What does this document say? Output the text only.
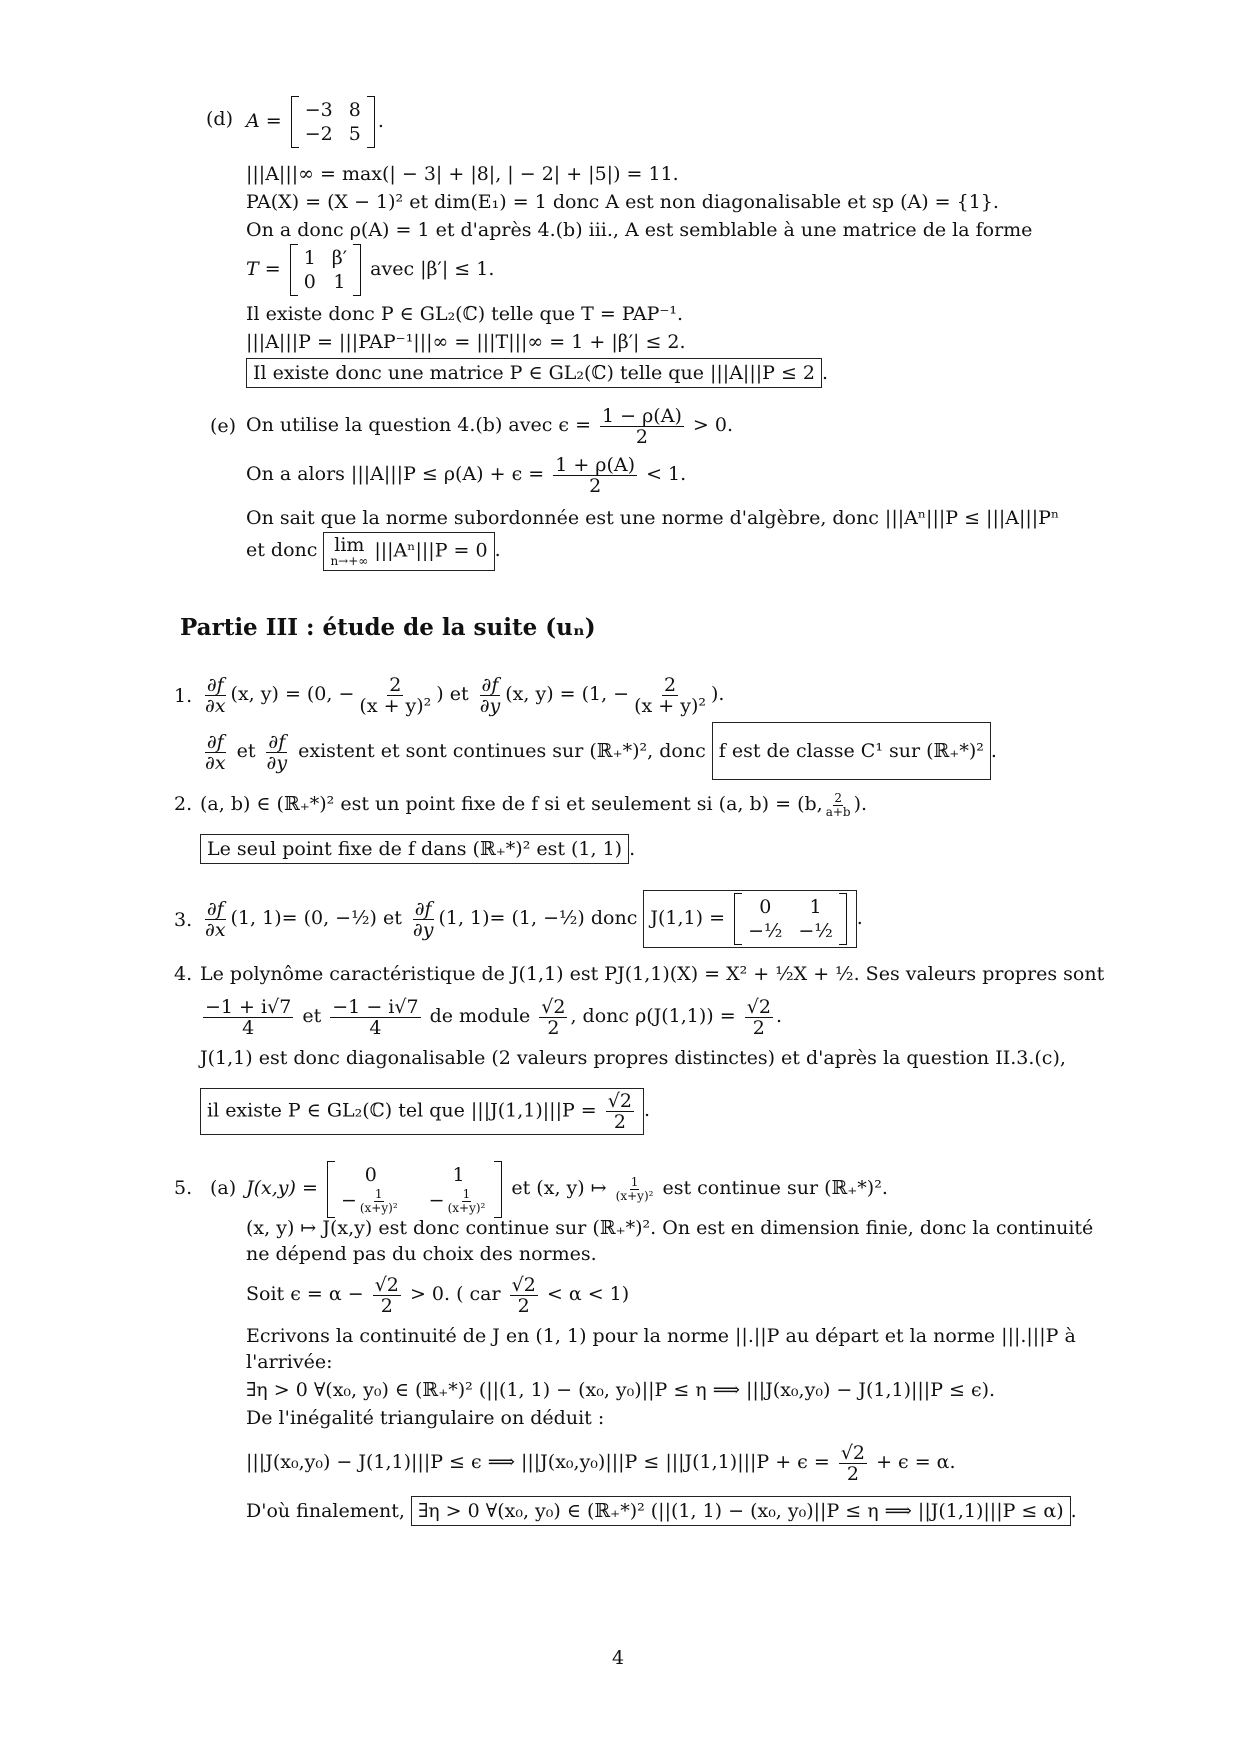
(d) A = −3 8
−2 5
.
|||A|||∞ = max(| − 3| + |8|, | − 2| + |5|) = 11.
PA(X) = (X − 1)² et dim(E₁) = 1 donc A est non diagonalisable et sp (A) = {1}.
On a donc ρ(A) = 1 et d'après 4.(b) iii., A est semblable à une matrice de la forme
T = 1 β′
0 1
avec |β′| ≤ 1.
Il existe donc P ∈ GL₂(ℂ) telle que T = PAP⁻¹.
|||A|||P = |||PAP⁻¹|||∞ = |||T|||∞ = 1 + |β′| ≤ 2.
Il existe donc une matrice P ∈ GL₂(ℂ) telle que |||A|||P ≤ 2 .
(e) On utilise la question 4.(b) avec $\epsilon = \frac{1 - \rho(A)}{2} > 0$.
On a alors $|||A|||P \le \rho(A) + \epsilon = \frac{1 + \rho(A)}{2} < 1$.
On sait que la norme subordonnée est une norme d'algèbre, donc |||Aⁿ|||P ≤ |||A|||Pⁿ
et donc lim
n→+∞ |||Aⁿ|||P = 0 .
Partie III : étude de la suite (uₙ)
1. $\frac{\partial f}{\partial x} (x$, y) = (0, − $\frac{2}{\text{(x + y)²}}$ ) et $\frac{\partial f}{\partial y} (x$, y) = (1, − $\frac{2}{\text{(x + y)²}}$ ).
$\frac{\partial f}{\partial x}$ et $\frac{\partial f}{\partial y}$ existent et sont continues sur (ℝ₊*)², donc f est de classe C¹ sur (ℝ₊*)² .
2. (a, b) ∈ (ℝ₊*)² est un point fixe de f si et seulement si (a, b) = (b, $\frac{2}{a+b}$ ).
Le seul point fixe de f dans (ℝ₊*)² est (1, 1) .
3. $\frac{\partial f}{\partial x} (1$, 1)= (0, −½) et $\frac{\partial f}{\partial y} (1$, 1)= (1, −½) donc J(1,1) =	0	1
−½ −½
.
4. Le polynôme caractéristique de J(1,1) est PJ(1,1)(X) = X² + ½X + ½. Ses valeurs propres sont
$\frac{-1 + i√7}{4}$ et $\frac{-1 - i√7}{4}$ de module $\frac{√2}{2}$ , donc $\rho(J(1,1)) = \frac{√2}{2}$ .
J(1,1) est donc diagonalisable (2 valeurs propres distinctes) et d'après la question II.3.(c),
il existe P ∈ GL₂(ℂ) tel que $|||J(1,1)|||P = \frac{√2}{2}$ .
5. (a) J(x,y) =
0	1
− $\frac{1}{\text{(x+y)²}} - \frac{1}{\text{(x+y)²}}$ et (x, y) ↦ $\frac{1}{\text{(x+y)²}}$ est continue sur (ℝ₊*)².
(x, y) ↦ J(x,y) est donc continue sur (ℝ₊*)². On est en dimension finie, donc la continuité
ne dépend pas du choix des normes.
Soit $\epsilon = \alpha - \frac{√2}{2} > 0$. ( car $\frac{√2}{2} < \alpha < 1$)
Ecrivons la continuité de J en (1, 1) pour la norme ||.||P au départ et la norme |||.|||P à
l'arrivée:
∃η > 0 ∀(x₀, y₀) ∈ (ℝ₊*)² (||(1, 1) − (x₀, y₀)||P ≤ η ⟹ |||J(x₀,y₀) − J(1,1)|||P ≤ ϵ).
De l'inégalité triangulaire on déduit :
|||J(x₀,y₀) − J(1,1)|||P ≤ ϵ ⟹ $|||J(x_0,y_0)|||P \le |||J(1,1)|||P + \epsilon = \frac{√2}{2} + \epsilon = \alpha$.
D'où finalement, ∃η > 0 ∀(x₀, y₀) ∈ (ℝ₊*)² (||(1, 1) − (x₀, y₀)||P ≤ η ⟹ ||J(1,1)|||P ≤ α) .
4
